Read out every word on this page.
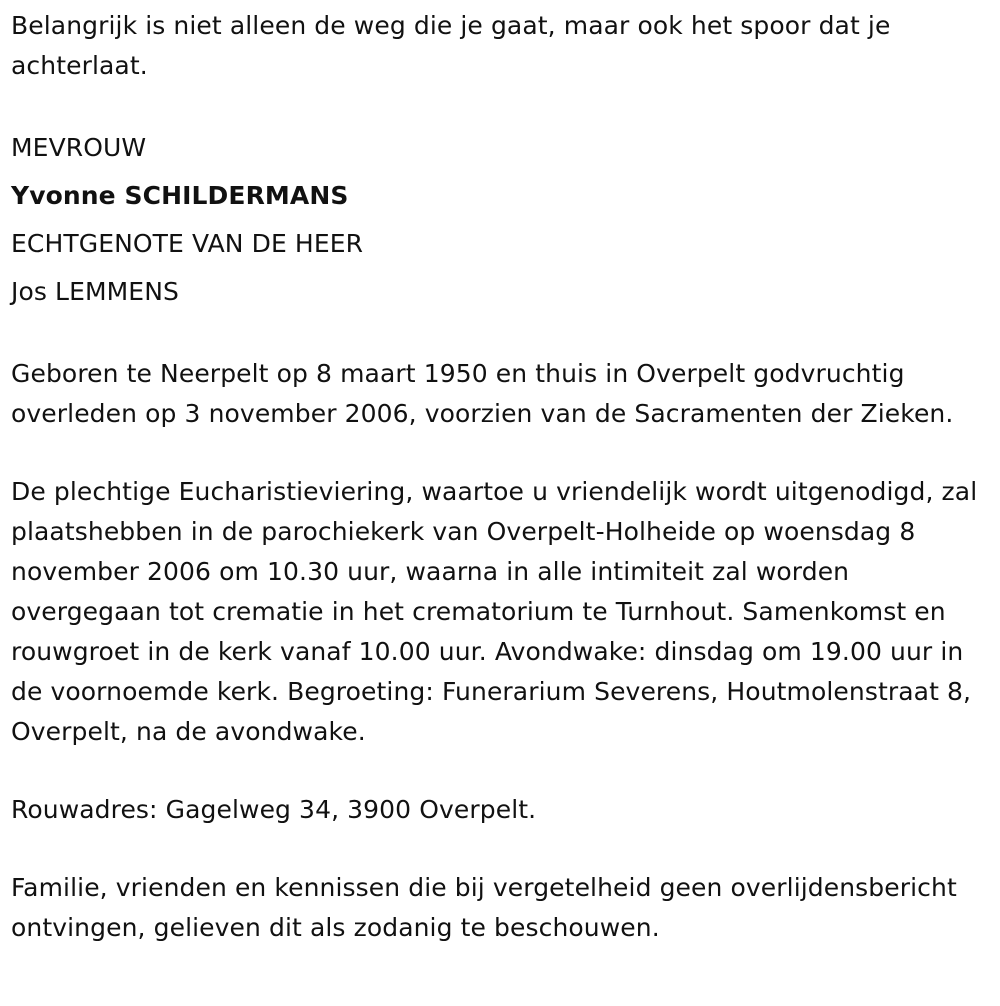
Belangrijk is niet alleen de weg die je gaat, maar ook het spoor dat je achterlaat.

MEVROUW

Yvonne SCHILDERMANS

ECHTGENOTE VAN DE HEER

Jos LEMMENS

Geboren te Neerpelt op 8 maart 1950 en thuis in Overpelt godvruchtig overleden op 3 november 2006, voorzien van de Sacramenten der Zieken.

De plechtige Eucharistieviering, waartoe u vriendelijk wordt uitgenodigd, zal plaatshebben in de parochiekerk van Overpelt-Holheide op woensdag 8 november 2006 om 10.30 uur, waarna in alle intimiteit zal worden overgegaan tot crematie in het crematorium te Turnhout. Samenkomst en rouwgroet in de kerk vanaf 10.00 uur. Avondwake: dinsdag om 19.00 uur in de voornoemde kerk. Begroeting: Funerarium Severens, Houtmolenstraat 8, Overpelt, na de avondwake.

Rouwadres: Gagelweg 34, 3900 Overpelt.

Familie, vrienden en kennissen die bij vergetelheid geen overlijdensbericht ontvingen, gelieven dit als zodanig te beschouwen.
